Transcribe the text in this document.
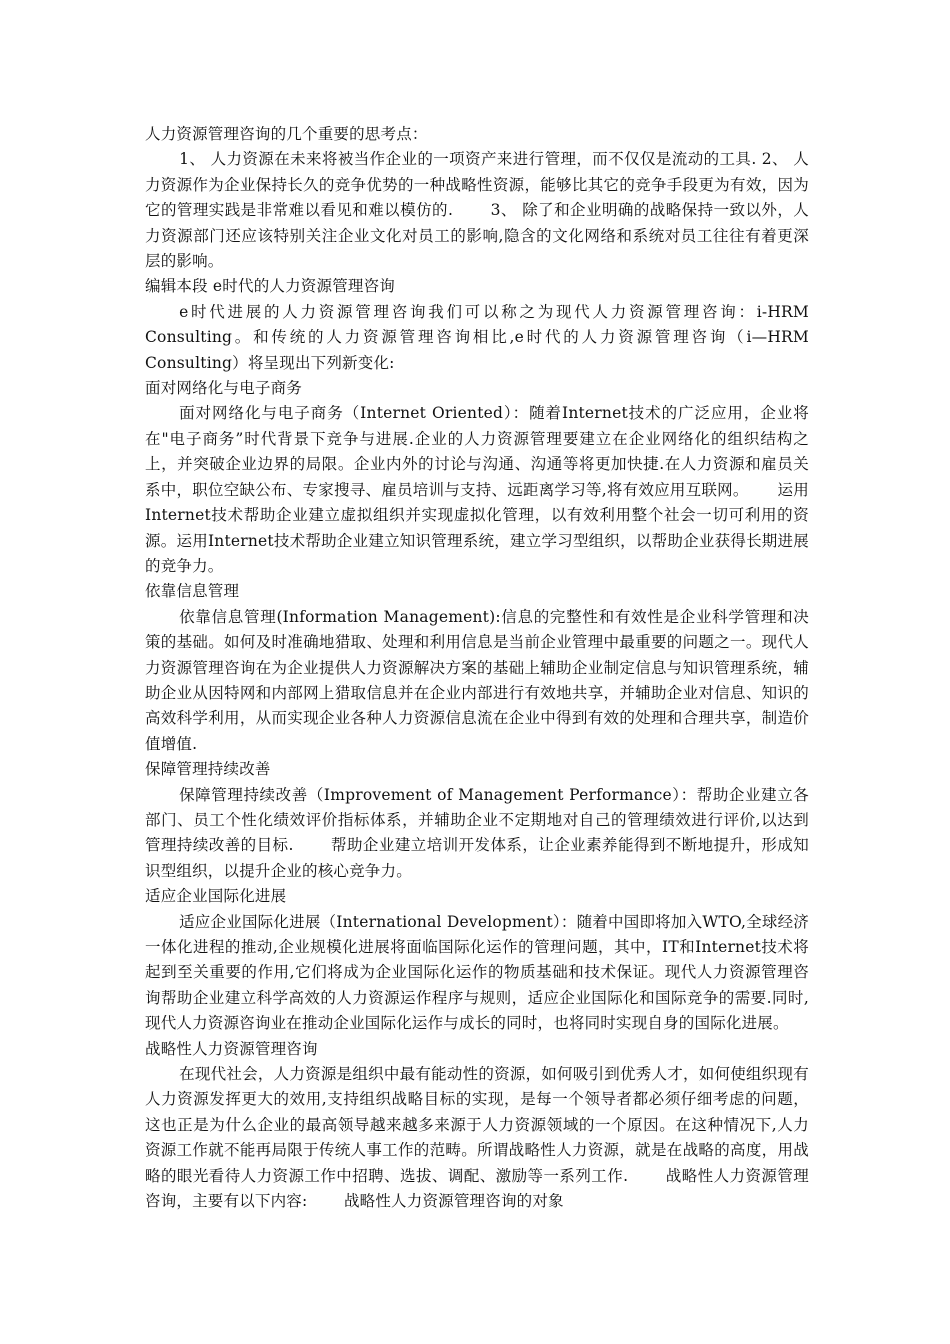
人力资源管理咨询的几个重要的思考点：

1、 人力资源在未来将被当作企业的一项资产来进行管理，而不仅仅是流动的工具. 2、 人力资源作为企业保持长久的竞争优势的一种战略性资源，能够比其它的竞争手段更为有效，因为它的管理实践是非常难以看见和难以模仿的.　　 3、 除了和企业明确的战略保持一致以外，人力资源部门还应该特别关注企业文化对员工的影响,隐含的文化网络和系统对员工往往有着更深层的影响。

编辑本段 e时代的人力资源管理咨询

e时代进展的人力资源管理咨询我们可以称之为现代人力资源管理咨询：i-HRM Consulting。和传统的人力资源管理咨询相比,e时代的人力资源管理咨询（i—HRM Consulting）将呈现出下列新变化:

面对网络化与电子商务

面对网络化与电子商务（Internet Oriented）：随着Internet技术的广泛应用，企业将在"电子商务”时代背景下竞争与进展.企业的人力资源管理要建立在企业网络化的组织结构之上，并突破企业边界的局限。企业内外的讨论与沟通、沟通等将更加快捷.在人力资源和雇员关系中，职位空缺公布、专家搜寻、雇员培训与支持、远距离学习等,将有效应用互联网。　　 运用Internet技术帮助企业建立虚拟组织并实现虚拟化管理，以有效利用整个社会一切可利用的资源。运用Internet技术帮助企业建立知识管理系统，建立学习型组织，以帮助企业获得长期进展的竞争力。

依靠信息管理

依靠信息管理(Information Management):信息的完整性和有效性是企业科学管理和决策的基础。如何及时准确地猎取、处理和利用信息是当前企业管理中最重要的问题之一。现代人力资源管理咨询在为企业提供人力资源解决方案的基础上辅助企业制定信息与知识管理系统，辅助企业从因特网和内部网上猎取信息并在企业内部进行有效地共享，并辅助企业对信息、知识的高效科学利用，从而实现企业各种人力资源信息流在企业中得到有效的处理和合理共享，制造价值增值.

保障管理持续改善

保障管理持续改善（Improvement of Management Performance）：帮助企业建立各部门、员工个性化绩效评价指标体系，并辅助企业不定期地对自己的管理绩效进行评价,以达到管理持续改善的目标.　　 帮助企业建立培训开发体系，让企业素养能得到不断地提升，形成知识型组织，以提升企业的核心竞争力。

适应企业国际化进展

适应企业国际化进展（International Development）：随着中国即将加入WTO,全球经济一体化进程的推动,企业规模化进展将面临国际化运作的管理问题，其中，IT和Internet技术将起到至关重要的作用,它们将成为企业国际化运作的物质基础和技术保证。现代人力资源管理咨询帮助企业建立科学高效的人力资源运作程序与规则，适应企业国际化和国际竞争的需要.同时,现代人力资源咨询业在推动企业国际化运作与成长的同时，也将同时实现自身的国际化进展。

战略性人力资源管理咨询

在现代社会，人力资源是组织中最有能动性的资源，如何吸引到优秀人才，如何使组织现有人力资源发挥更大的效用,支持组织战略目标的实现，是每一个领导者都必须仔细考虑的问题，这也正是为什么企业的最高领导越来越多来源于人力资源领域的一个原因。在这种情况下,人力资源工作就不能再局限于传统人事工作的范畴。所谓战略性人力资源，就是在战略的高度，用战略的眼光看待人力资源工作中招聘、选拔、调配、激励等一系列工作.　　 战略性人力资源管理咨询，主要有以下内容:　　 战略性人力资源管理咨询的对象
